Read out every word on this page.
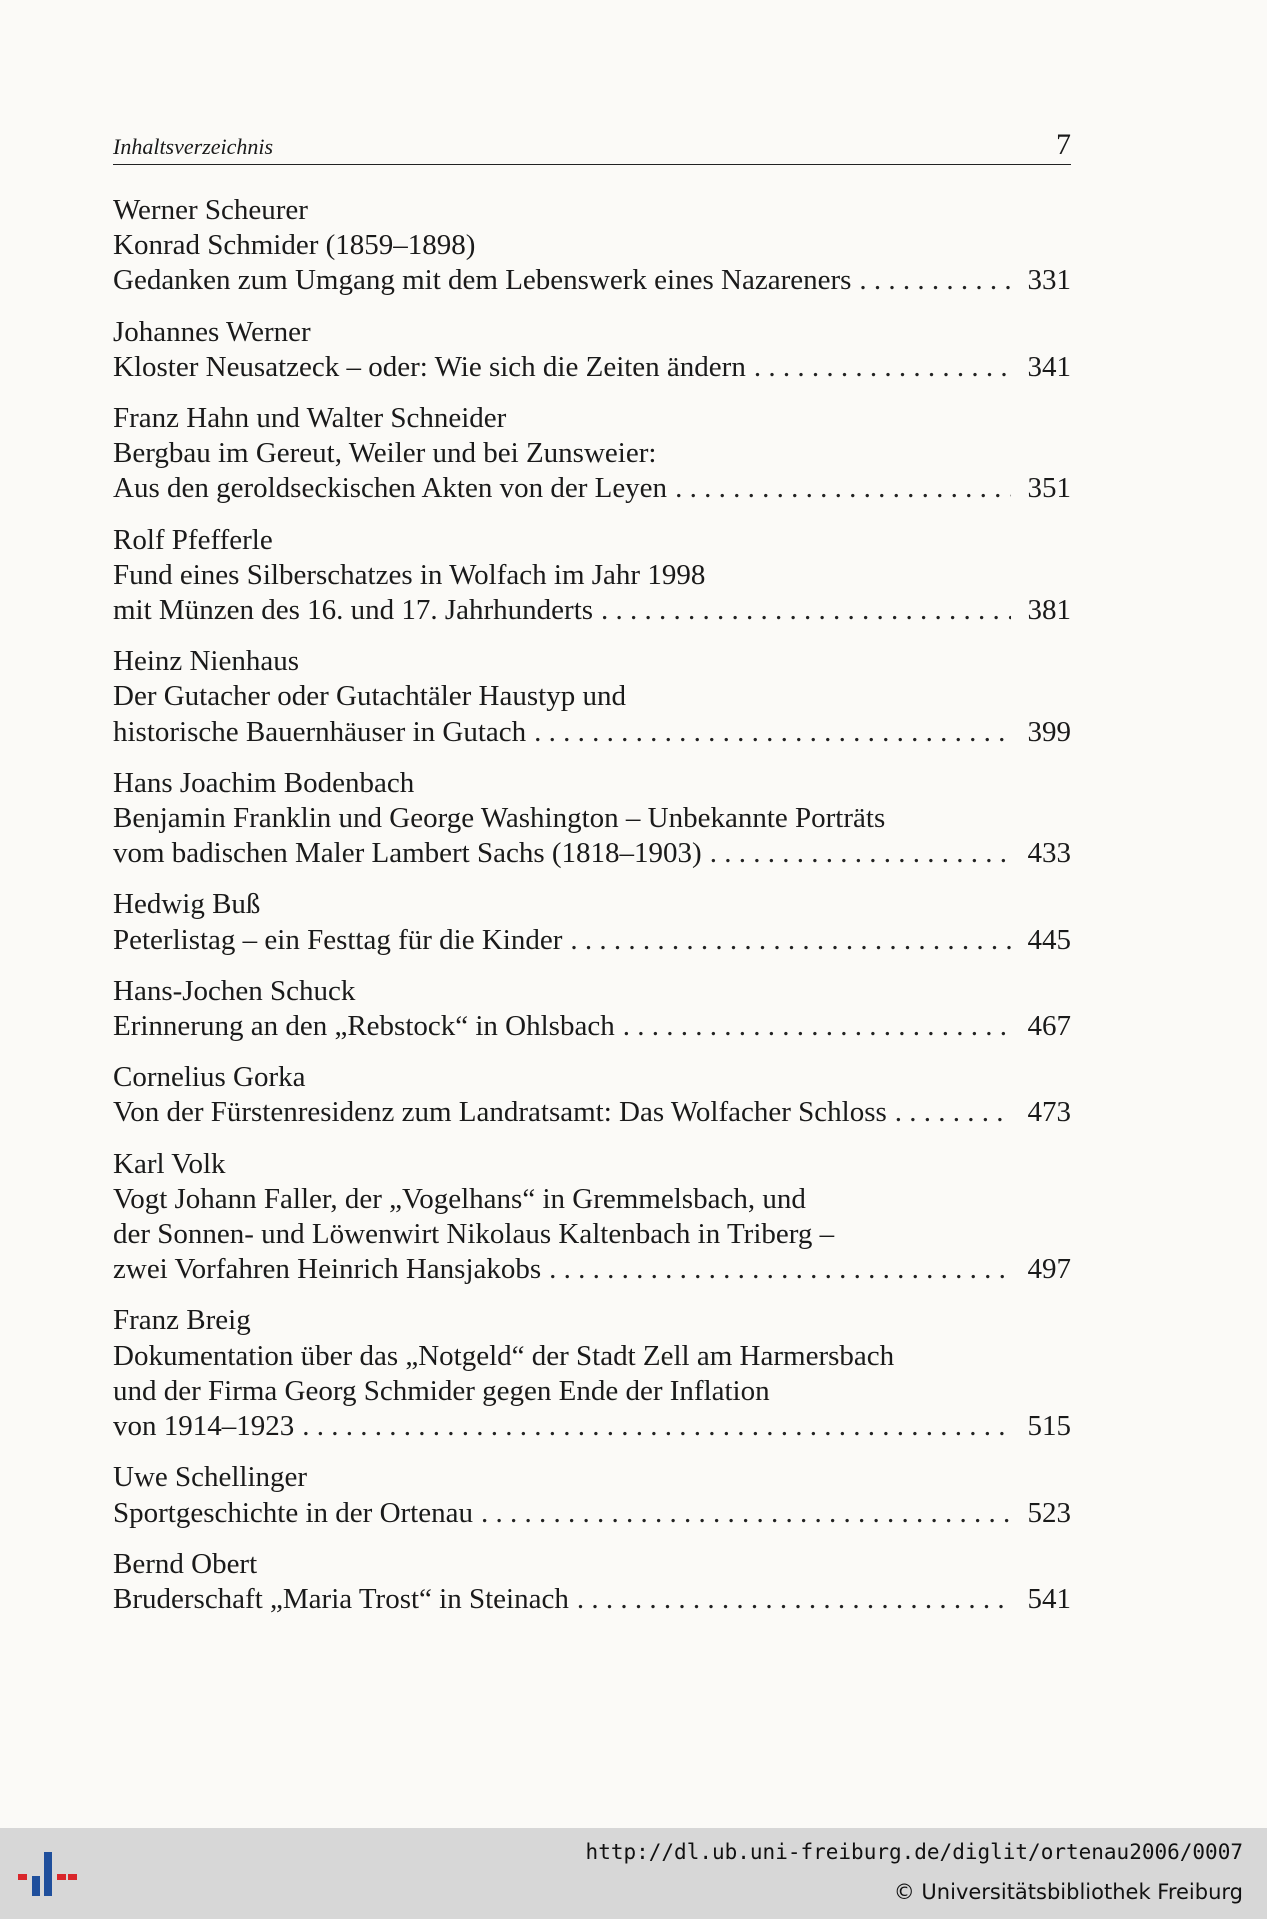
Inhaltsverzeichnis	7
Werner Scheurer
Konrad Schmider (1859–1898)
Gedanken zum Umgang mit dem Lebenswerk eines Nazareners . . .	331
Johannes Werner
Kloster Neusatzeck – oder: Wie sich die Zeiten ändern . . .	341
Franz Hahn und Walter Schneider
Bergbau im Gereut, Weiler und bei Zunsweier:
Aus den geroldseckischen Akten von der Leyen . . .	351
Rolf Pfefferle
Fund eines Silberschatzes in Wolfach im Jahr 1998
mit Münzen des 16. und 17. Jahrhunderts . . .	381
Heinz Nienhaus
Der Gutacher oder Gutachtäler Haustyp und
historische Bauernhäuser in Gutach . . .	399
Hans Joachim Bodenbach
Benjamin Franklin und George Washington – Unbekannte Porträts
vom badischen Maler Lambert Sachs (1818–1903) . . .	433
Hedwig Buß
Peterlistag – ein Festtag für die Kinder . . .	445
Hans-Jochen Schuck
Erinnerung an den „Rebstock“ in Ohlsbach . . .	467
Cornelius Gorka
Von der Fürstenresidenz zum Landratsamt: Das Wolfacher Schloss . . .	473
Karl Volk
Vogt Johann Faller, der „Vogelhans“ in Gremmelsbach, und
der Sonnen- und Löwenwirt Nikolaus Kaltenbach in Triberg –
zwei Vorfahren Heinrich Hansjakobs . . .	497
Franz Breig
Dokumentation über das „Notgeld“ der Stadt Zell am Harmersbach
und der Firma Georg Schmider gegen Ende der Inflation
von 1914–1923 . . .	515
Uwe Schellinger
Sportgeschichte in der Ortenau . . .	523
Bernd Obert
Bruderschaft „Maria Trost“ in Steinach . . .	541
http://dl.ub.uni-freiburg.de/diglit/ortenau2006/0007
© Universitätsbibliothek Freiburg
